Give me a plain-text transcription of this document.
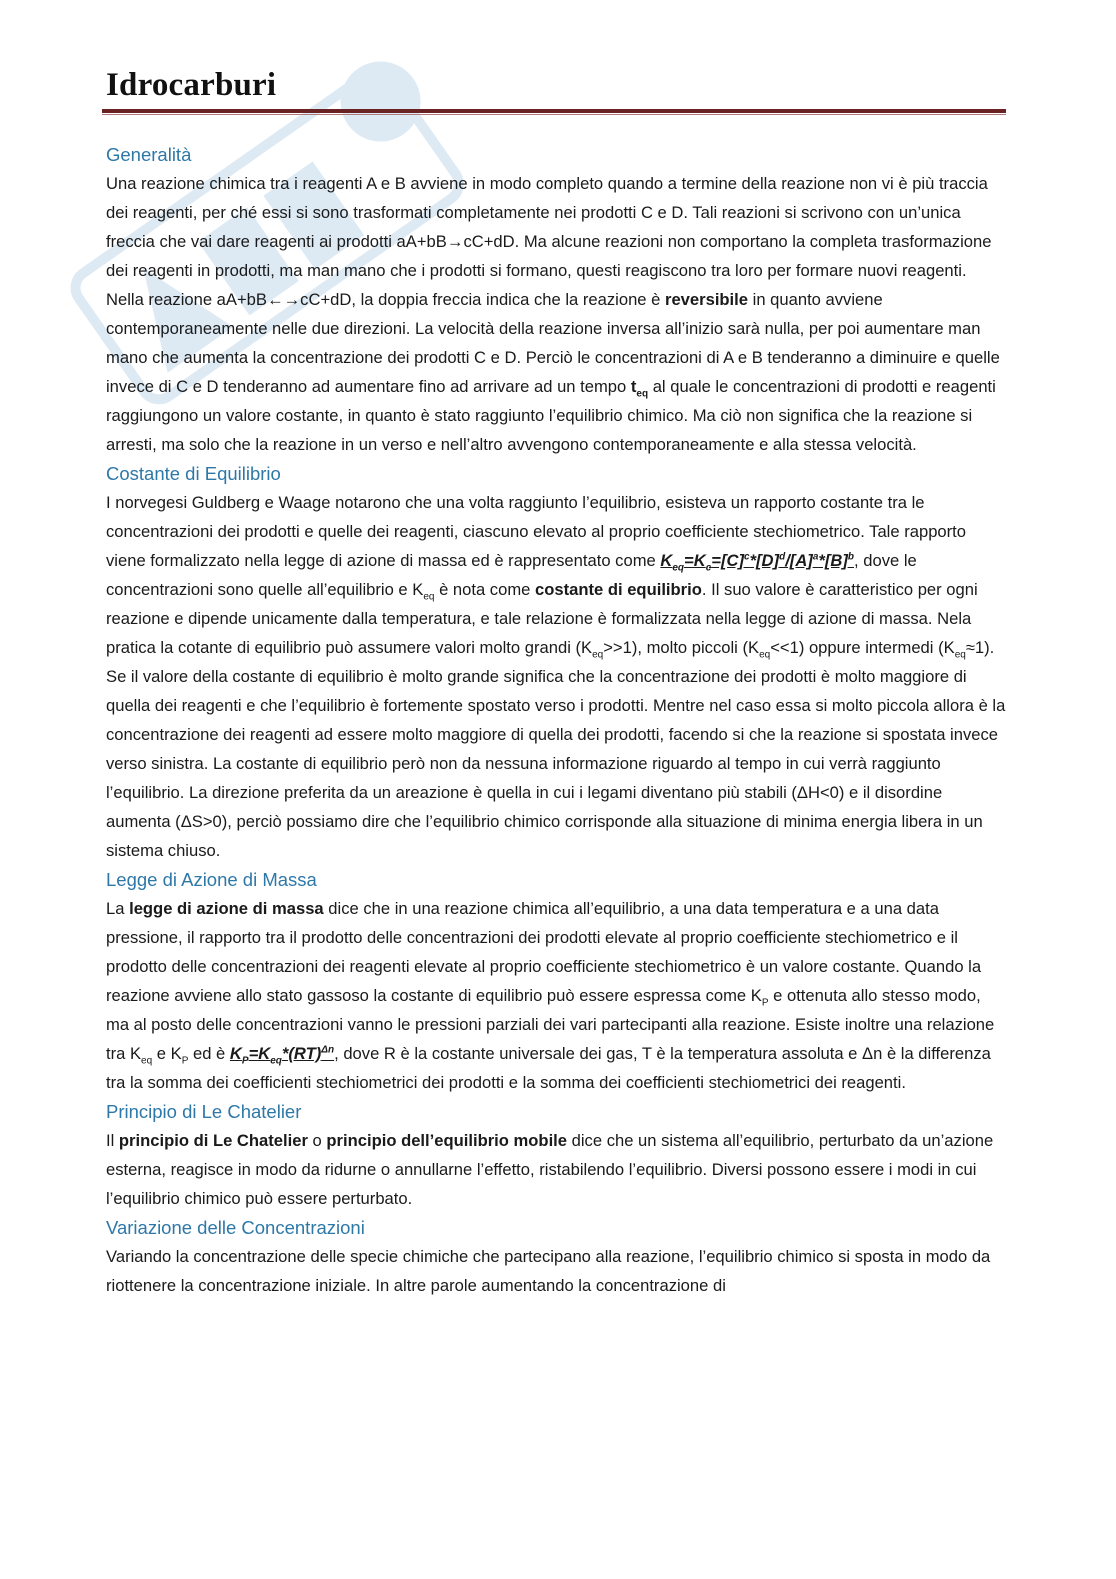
Idrocarburi
Generalità

Una reazione chimica tra i reagenti A e B avviene in modo completo quando a termine della reazione non vi è più traccia dei reagenti, per ché essi si sono trasformati completamente nei prodotti C e D. Tali reazioni si scrivono con un’unica freccia che vai dare reagenti ai prodotti aA+bB→cC+dD. Ma alcune reazioni non comportano la completa trasformazione dei reagenti in prodotti, ma man mano che i prodotti si formano, questi reagiscono tra loro per formare nuovi reagenti. Nella reazione aA+bB←→cC+dD, la doppia freccia indica che la reazione è reversibile in quanto avviene contemporaneamente nelle due direzioni. La velocità della reazione inversa all’inizio sarà nulla, per poi aumentare man mano che aumenta la concentrazione dei prodotti C e D. Perciò le concentrazioni di A e B tenderanno a diminuire e quelle invece di C e D tenderanno ad aumentare fino ad arrivare ad un tempo $t_{eq}$ al quale le concentrazioni di prodotti e reagenti raggiungono un valore costante, in quanto è stato raggiunto l’equilibrio chimico. Ma ciò non significa che la reazione si arresti, ma solo che la reazione in un verso e nell’altro avvengono contemporaneamente e alla stessa velocità.

Costante di Equilibrio

I norvegesi Guldberg e Waage notarono che una volta raggiunto l’equilibrio, esisteva un rapporto costante tra le concentrazioni dei prodotti e quelle dei reagenti, ciascuno elevato al proprio coefficiente stechiometrico. Tale rapporto viene formalizzato nella legge di azione di massa ed è rappresentato come $K_{eq}=K_c=[C]^c*[D]^d/[A]^a*[B]^b$, dove le concentrazioni sono quelle all’equilibrio e $K_{eq}$ è nota come costante di equilibrio. Il suo valore è caratteristico per ogni reazione e dipende unicamente dalla temperatura, e tale relazione è formalizzata nella legge di azione di massa. Nela pratica la cotante di equilibrio può assumere valori molto grandi $(K_{eq}>>1)$, molto piccoli $(K_{eq}<<1)$ oppure intermedi $(K_{eq}\approx 1)$. Se il valore della costante di equilibrio è molto grande significa che la concentrazione dei prodotti è molto maggiore di quella dei reagenti e che l’equilibrio è fortemente spostato verso i prodotti. Mentre nel caso essa si molto piccola allora è la concentrazione dei reagenti ad essere molto maggiore di quella dei prodotti, facendo si che la reazione si spostata invece verso sinistra. La costante di equilibrio però non da nessuna informazione riguardo al tempo in cui verrà raggiunto l’equilibrio. La direzione preferita da un areazione è quella in cui i legami diventano più stabili (ΔH<0) e il disordine aumenta (ΔS>0), perciò possiamo dire che l’equilibrio chimico corrisponde alla situazione di minima energia libera in un sistema chiuso.

Legge di Azione di Massa

La legge di azione di massa dice che in una reazione chimica all’equilibrio, a una data temperatura e a una data pressione, il rapporto tra il prodotto delle concentrazioni dei prodotti elevate al proprio coefficiente stechiometrico e il prodotto delle concentrazioni dei reagenti elevate al proprio coefficiente stechiometrico è un valore costante. Quando la reazione avviene allo stato gassoso la costante di equilibrio può essere espressa come $K_P$ e ottenuta allo stesso modo, ma al posto delle concentrazioni vanno le pressioni parziali dei vari partecipanti alla reazione. Esiste inoltre una relazione tra $K_{eq}$ e $K_P$ ed è $K_P=K_{eq}*(RT)^{\Delta n}$, dove R è la costante universale dei gas, T è la temperatura assoluta e Δn è la differenza tra la somma dei coefficienti stechiometrici dei prodotti e la somma dei coefficienti stechiometrici dei reagenti.

Principio di Le Chatelier

Il principio di Le Chatelier o principio dell’equilibrio mobile dice che un sistema all’equilibrio, perturbato da un’azione esterna, reagisce in modo da ridurne o annullarne l’effetto, ristabilendo l’equilibrio. Diversi possono essere i modi in cui l’equilibrio chimico può essere perturbato.

Variazione delle Concentrazioni

Variando la concentrazione delle specie chimiche che partecipano alla reazione, l’equilibrio chimico si sposta in modo da riottenere la concentrazione iniziale. In altre parole aumentando la concentrazione di
